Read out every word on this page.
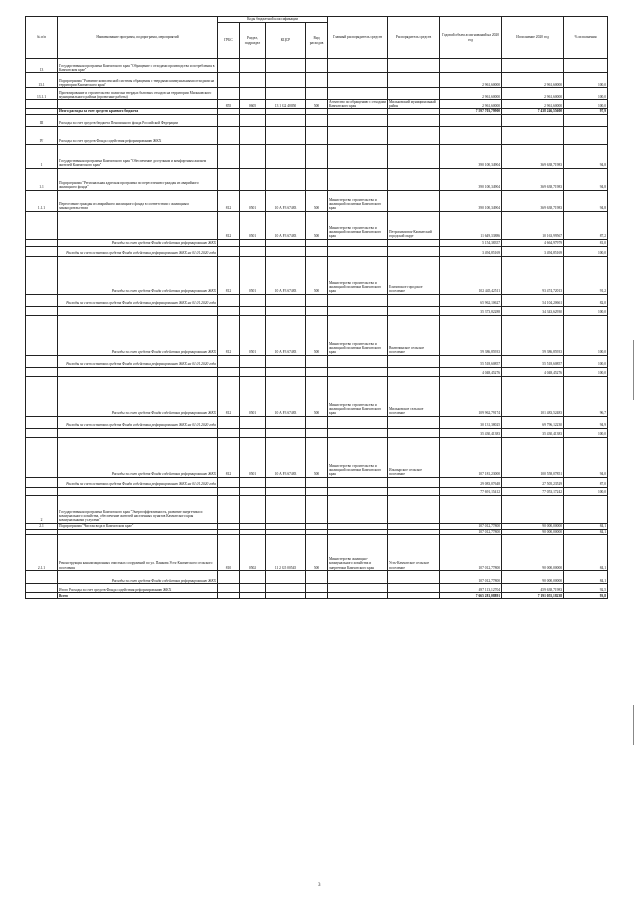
№ п/п	Наименование программ, подпрограмм, мероприятий	Коды бюджетной классификации				Главный распорядитель средств	Распорядитель средств	Годовой объем ассигнований на 2020 год	Исполнение 2020 год	% исполнения
		ГРБС	Раздел, подраздел	КЦСР	Вид расходов					
13	Государственная программа Камчатского края "Обращение с отходами производства и потребления в Камчатском крае"									
13.1	Подпрограмма "Развитие комплексной системы обращения с твердыми коммунальными отходами на территории Камчатского края"							2 961,60000	2 961,60000	100,0
13.1.1	Проектирование и строительство полигона твердых бытовых отходов на территории Мильковского муниципального района (проектные работы)							2 961,60000	2 961,60000	100,0
		855	0605	13 1 G2 40050	500	Агентство по обращению с отходами Камчатского края	Мильковский муниципальный район	2 961,60000	2 961,60000	100,0
	Итого расходы за счет средств краевого бюджета							7 597 703,79900	7 438 246,55600	97,9
III	Расходы за счет средств бюджета Пенсионного фонда Российской Федерации									
IV	Расходы за счет средств Фонда содействия реформированию ЖКХ									
1	Государственная программа Камчатского края "Обеспечение доступным и комфортным жильем жителей Камчатского края"							390 100,34904	369 638,71983	94,8
1.1	Подпрограмма "Региональная адресная программа по переселению граждан из аварийного жилищного фонда"							390 100,34904	369 638,71983	94,8
1.1.1	Переселение граждан из аварийного жилищного фонда в соответствии с жилищным законодательством	812	0501	10 А F3 67483	500	Министерство строительства и жилищной политики Камчатского края		390 100,34904	369 638,71983	94,8
		812	0501	10 А F3 67483	500	Министерство строительства и жилищной политики Камчатского края	Петропавловск-Камчатский городской округ	11 649,33886	10 163,99567	87,2
	Расходы за счет средств Фонда содействия реформированию ЖКХ							5 154,38357	4 664,97979	81,0
	Расходы за счет остатков средств Фонда содействия реформированию ЖКХ на 01.01.2020 года							3 494,85169	3 494,85169	100,0
	Расходы за счет средств Фонда содействия реформированию ЖКХ	812	0501	10 А F3 67483	500	Министерство строительства и жилищной политики Камчатского края	Елизовское городское поселение	102 445,42511	93 474,72013	91,2
	Расходы за счет остатков средств Фонда содействия реформированию ЖКХ на 01.01.2020 года							65 962,10627	54 104,20661	82,0
								35 373,82288	34 343,62930	100,0
	Расходы за счет средств Фонда содействия реформированию ЖКХ	812	0501	10 А F3 67483	500	Министерство строительства и жилищной политики Камчатского края	Вилючинское сельское поселение	59 386,85933	59 386,85933	100,0
	Расходы за счет остатков средств Фонда содействия реформированию ЖКХ на 01.01.2020 года							55 518,60857	55 518,60857	100,0
								4 048,45276	4 048,45276	100,0
	Расходы за счет средств Фонда содействия реформированию ЖКХ	812	0501	10 А F3 67483	500	Министерство строительства и жилищной политики Камчатского края	Мильковское сельское поселение	109 962,79174	101 483,52483	96,7
	Расходы за счет остатков средств Фонда содействия реформированию ЖКХ на 01.01.2020 года							30 131,38025	69 796,12230	94,9
								35 430,41383	35 430,41383	100,0
	Расходы за счет средств Фонда содействия реформированию ЖКХ	812	0501	10 А F3 67483	500	Министерство строительства и жилищной политики Камчатского края	Ильпырское сельское поселение	107 181,23000	100 558,07851	94,0
	Расходы за счет остатков средств Фонда содействия реформированию ЖКХ на 01.01.2020 года							29 083,07648	27 505,23529	87,0
								77 691,15412	77 053,17242	100,0
2	Государственная программа Камчатского края "Энергоэффективность, развитие энергетики и коммунального хозяйства, обеспечение жителей населенных пунктов Камчатского края коммунальными услугами"									
2.1	Подпрограмма "Чистая вода в Камчатском крае"							107 012,77800	90 000,00000	84,1
								107 012,77800	90 000,00000	84,1
2.1.1	Реконструкция канализационных очистных сооружений по ул. Панкова Усть-Камчатского сельского поселения	810	0502	11 2 G5 00545	500	Министерство жилищно-коммунального хозяйства и энергетики Камчатского края	Усть-Камчатское сельское поселение	107 012,77800	90 000,00000	84,1
	Расходы за счет средств Фонда содействия реформированию ЖКХ							107 012,77800	90 000,00000	84,1
	Итого Расходы за счет средств Фонда содействия реформированию ЖКХ							497 113,12704	459 638,71983	92,5
	Всего							7 665 281,08891	7 191 055,18238	93,8
3
